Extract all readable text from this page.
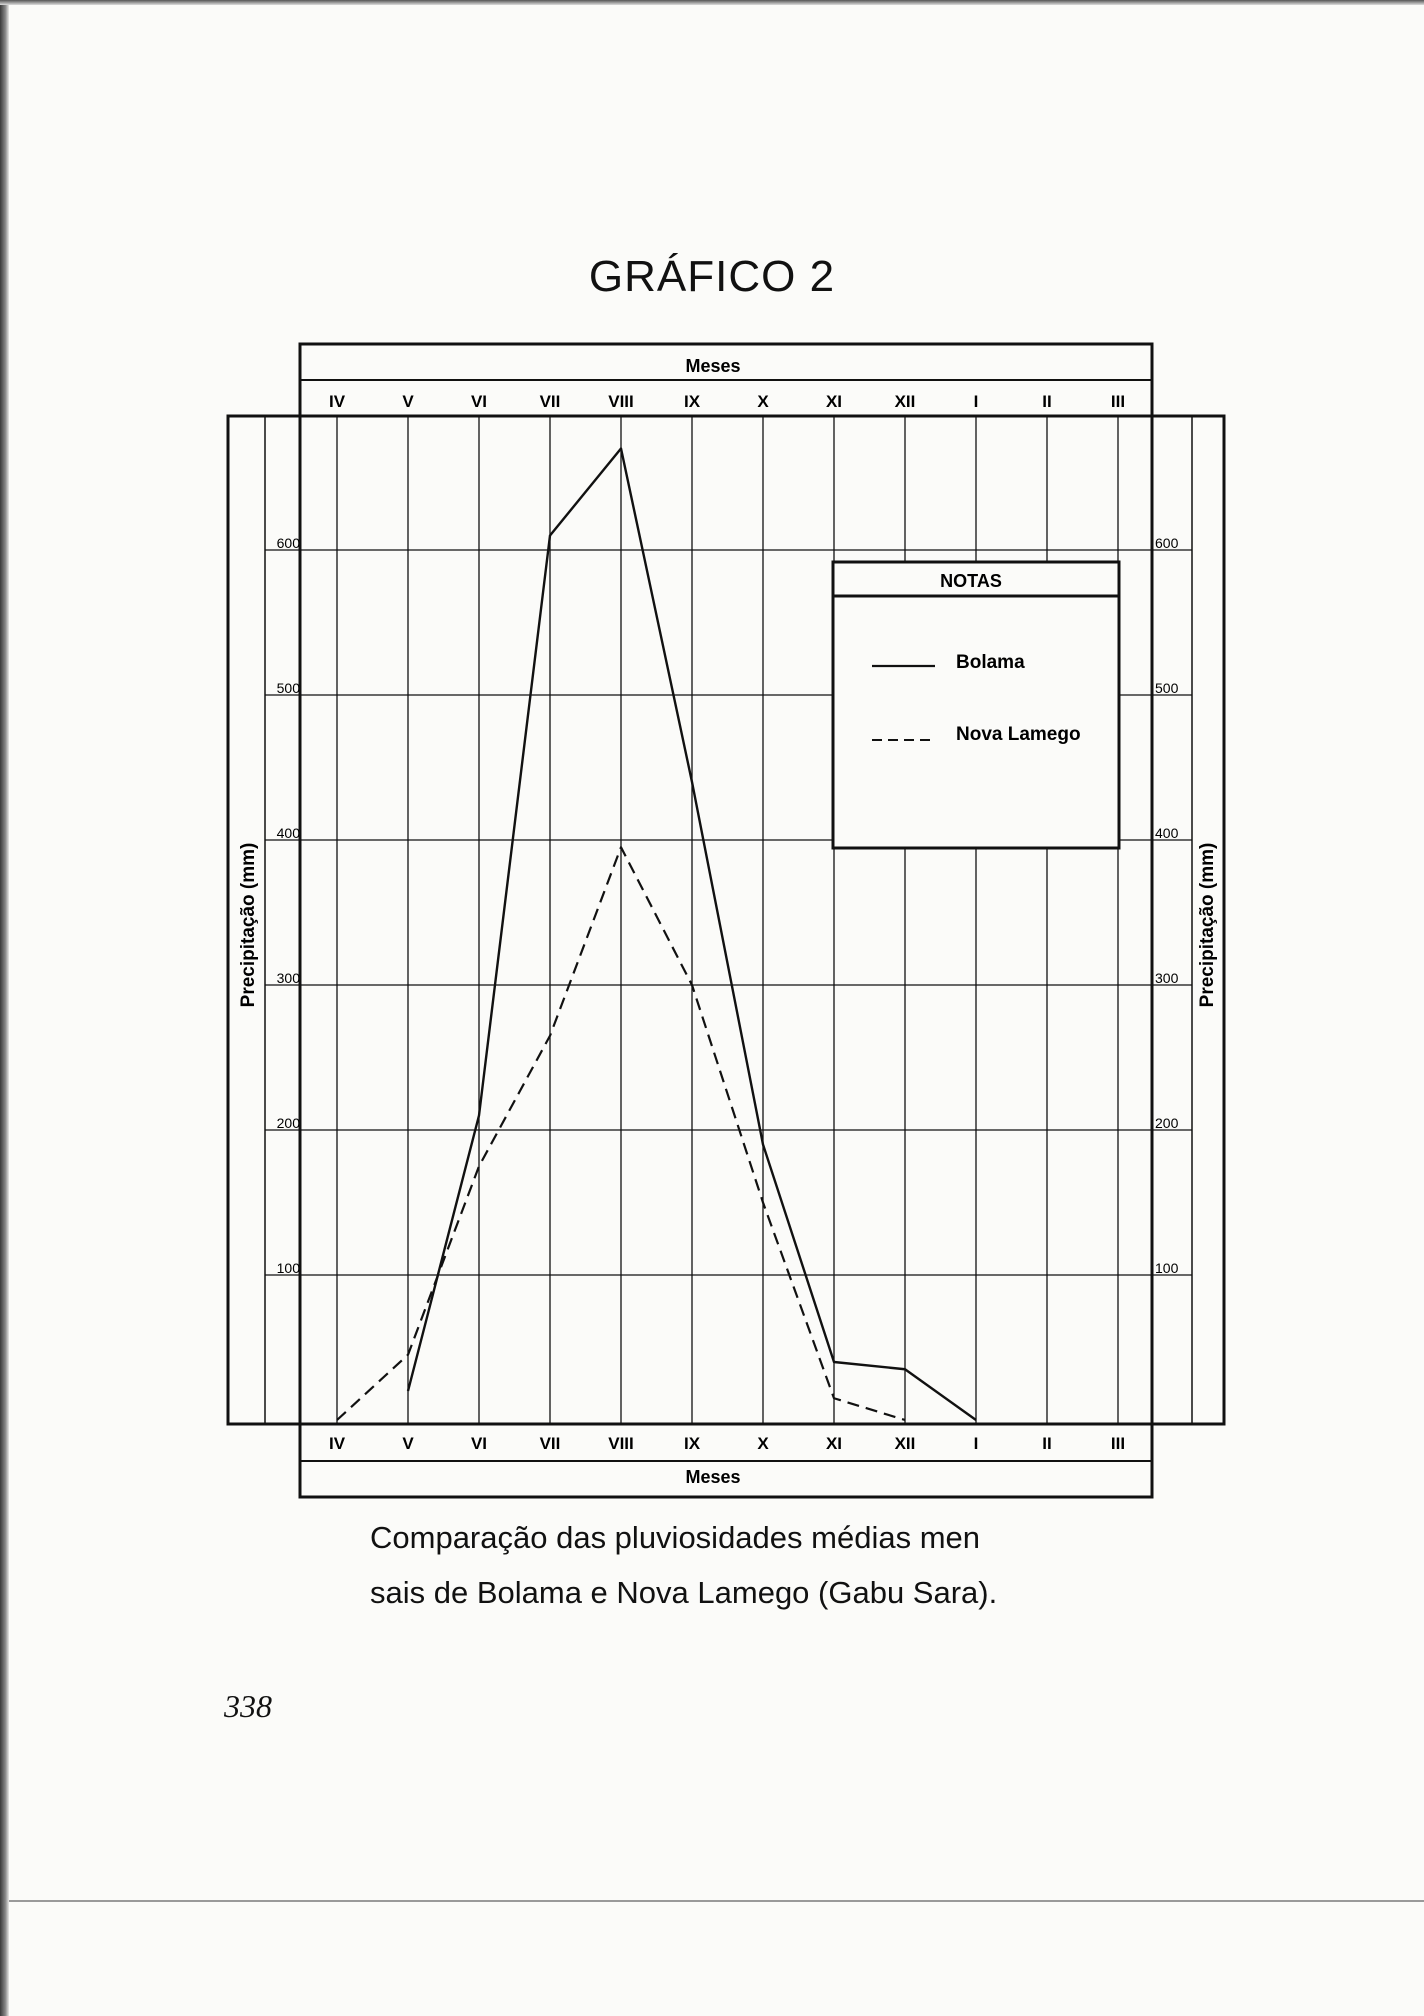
GRÁFICO 2
IV	V	VI	VII	VIII	IX	X	XI	XII	I	II	III
IV	V	VI	VII	VIII	IX	X	XI	XII	I	II	III
100
200
300
400
500
600
100
200
300
400
500
600
Meses
Meses
Precipitação (mm)	Precipitação (mm)
NOTAS
Bolama
Nova Lamego
Comparação das pluviosidades médias men
sais de Bolama e Nova Lamego (Gabu Sara).
338
